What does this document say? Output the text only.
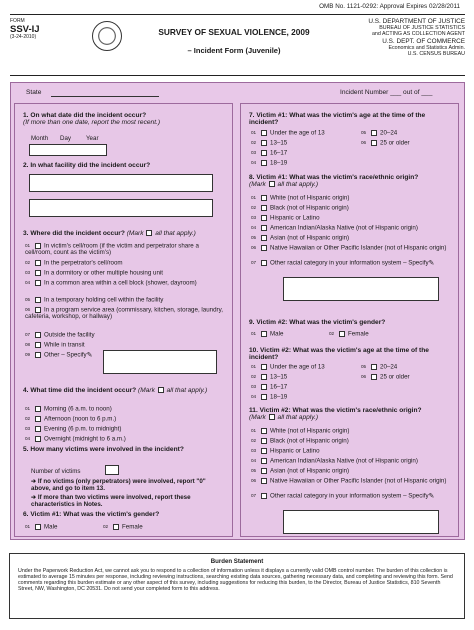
OMB No. 1121-0292: Approval Expires 02/28/2011
FORM
SSV-IJ
(3-24-2010)	SURVEY OF SEXUAL VIOLENCE, 2009
– Incident Form (Juvenile)
U.S. DEPARTMENT OF JUSTICE
BUREAU OF JUSTICE STATISTICS
and ACTING AS COLLECTION AGENT
U.S. DEPT. OF COMMERCE
Economics and Statistics Admin.
U.S. CENSUS BUREAU
State	Incident Number ___ out of ___
1. On what date did the incident occur?
(If more than one date, report the most recent.)
Month Day Year
2. In what facility did the incident occur?
3. Where did the incident occur? (Mark all that apply.)
01 In victim's cell/room (if the victim and perpetrator share a cell/room, count as the victim's)
02 In the perpetrator's cell/room
03 In a dormitory or other multiple housing unit
04 In a common area within a cell block (shower, dayroom)
05 In a temporary holding cell within the facility
06 In a program service area (commissary, kitchen, storage, laundry, cafeteria, workshop, or hallway)
07 Outside the facility
08 While in transit
09 Other – Specify ✎
4. What time did the incident occur? (Mark all that apply.)
01 Morning (6 a.m. to noon)
02 Afternoon (noon to 6 p.m.)
03 Evening (6 p.m. to midnight)
04 Overnight (midnight to 6 a.m.)
5. How many victims were involved in the incident?
Number of victims
➔ If no victims (only perpetrators) were involved, report "0" above, and go to item 13.
➔ If more than two victims were involved, report these characteristics in Notes.
6. Victim #1: What was the victim's gender?
01 Male	02 Female
7. Victim #1: What was the victim's age at the time of the incident?
01 Under the age of 13
02 13–15
03 16–17
04 18–19
05 20–24
06 25 or older
8. Victim #1: What was the victim's race/ethnic origin?
(Mark all that apply.)
01 White (not of Hispanic origin)
02 Black (not of Hispanic origin)
03 Hispanic or Latino
04 American Indian/Alaska Native (not of Hispanic origin)
05 Asian (not of Hispanic origin)
06 Native Hawaiian or Other Pacific Islander (not of Hispanic origin)
07 Other racial category in your information system – Specify ✎
9. Victim #2: What was the victim's gender?
01 Male	02 Female
10. Victim #2: What was the victim's age at the time of the incident?
01 Under the age of 13
02 13–15
03 16–17
04 18–19
05 20–24
06 25 or older
11. Victim #2: What was the victim's race/ethnic origin?
(Mark all that apply.)
01 White (not of Hispanic origin)
02 Black (not of Hispanic origin)
03 Hispanic or Latino
04 American Indian/Alaska Native (not of Hispanic origin)
05 Asian (not of Hispanic origin)
06 Native Hawaiian or Other Pacific Islander (not of Hispanic origin)
07 Other racial category in your information system – Specify ✎
Burden Statement
Under the Paperwork Reduction Act, we cannot ask you to respond to a collection of information unless it displays a currently valid OMB control number. The burden of this collection is estimated to average 15 minutes per response, including reviewing instructions, searching existing data sources, gathering necessary data, and completing and reviewing this form. Send comments regarding this burden estimate or any other aspect of this survey, including suggestions for reducing this burden, to the Director, Bureau of Justice Statistics, 810 Seventh Street, NW, Washington, DC 20531. Do not send your completed form to this address.
